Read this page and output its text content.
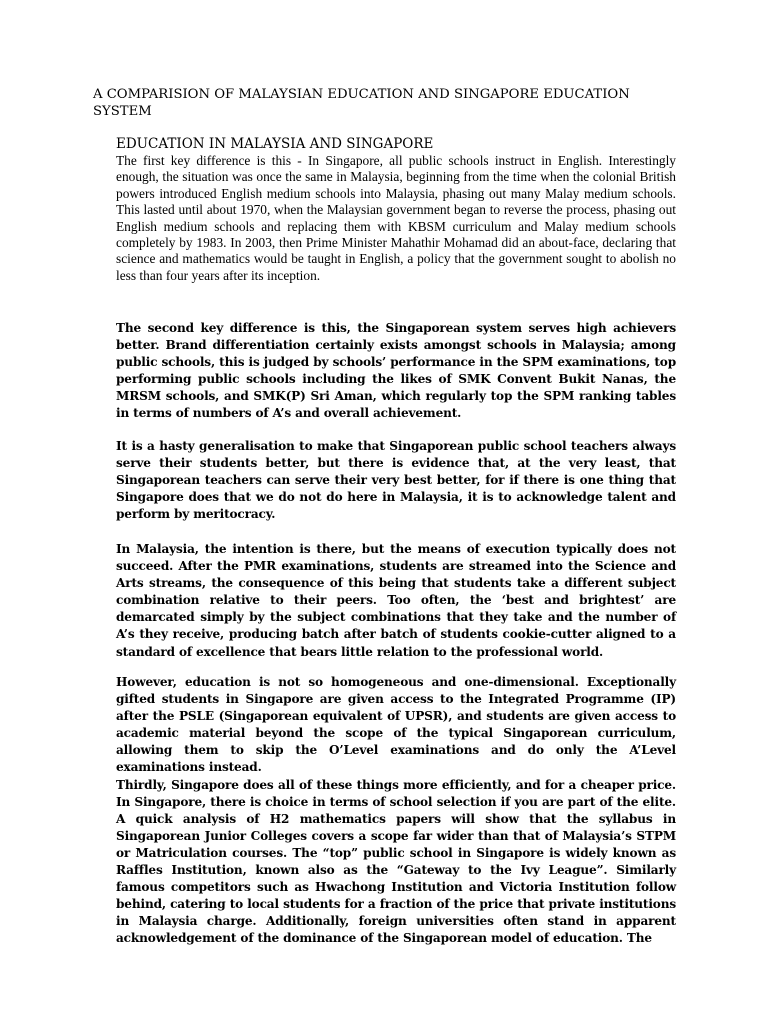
A COMPARISION OF MALAYSIAN EDUCATION AND SINGAPORE EDUCATION SYSTEM
EDUCATION IN MALAYSIA AND SINGAPORE

The first key difference is this - In Singapore, all public schools instruct in English. Interestingly enough, the situation was once the same in Malaysia, beginning from the time when the colonial British powers introduced English medium schools into Malaysia, phasing out many Malay medium schools. This lasted until about 1970, when the Malaysian government began to reverse the process, phasing out English medium schools and replacing them with KBSM curriculum and Malay medium schools completely by 1983. In 2003, then Prime Minister Mahathir Mohamad did an about-face, declaring that science and mathematics would be taught in English, a policy that the government sought to abolish no less than four years after its inception.

The second key difference is this, the Singaporean system serves high achievers better. Brand differentiation certainly exists amongst schools in Malaysia; among public schools, this is judged by schools’ performance in the SPM examinations, top performing public schools including the likes of SMK Convent Bukit Nanas, the MRSM schools, and SMK(P) Sri Aman, which regularly top the SPM ranking tables in terms of numbers of A’s and overall achievement.

It is a hasty generalisation to make that Singaporean public school teachers always serve their students better, but there is evidence that, at the very least, that Singaporean teachers can serve their very best better, for if there is one thing that Singapore does that we do not do here in Malaysia, it is to acknowledge talent and perform by meritocracy.

In Malaysia, the intention is there, but the means of execution typically does not succeed. After the PMR examinations, students are streamed into the Science and Arts streams, the consequence of this being that students take a different subject combination relative to their peers. Too often, the ‘best and brightest’ are demarcated simply by the subject combinations that they take and the number of A’s they receive, producing batch after batch of students cookie-cutter aligned to a standard of excellence that bears little relation to the professional world.

However, education is not so homogeneous and one-dimensional. Exceptionally gifted students in Singapore are given access to the Integrated Programme (IP) after the PSLE (Singaporean equivalent of UPSR), and students are given access to academic material beyond the scope of the typical Singaporean curriculum, allowing them to skip the O’Level examinations and do only the A’Level examinations instead.
Thirdly, Singapore does all of these things more efficiently, and for a cheaper price. In Singapore, there is choice in terms of school selection if you are part of the elite. A quick analysis of H2 mathematics papers will show that the syllabus in Singaporean Junior Colleges covers a scope far wider than that of Malaysia’s STPM or Matriculation courses. The “top” public school in Singapore is widely known as Raffles Institution, known also as the “Gateway to the Ivy League”. Similarly famous competitors such as Hwachong Institution and Victoria Institution follow behind, catering to local students for a fraction of the price that private institutions in Malaysia charge. Additionally, foreign universities often stand in apparent acknowledgement of the dominance of the Singaporean model of education. The
